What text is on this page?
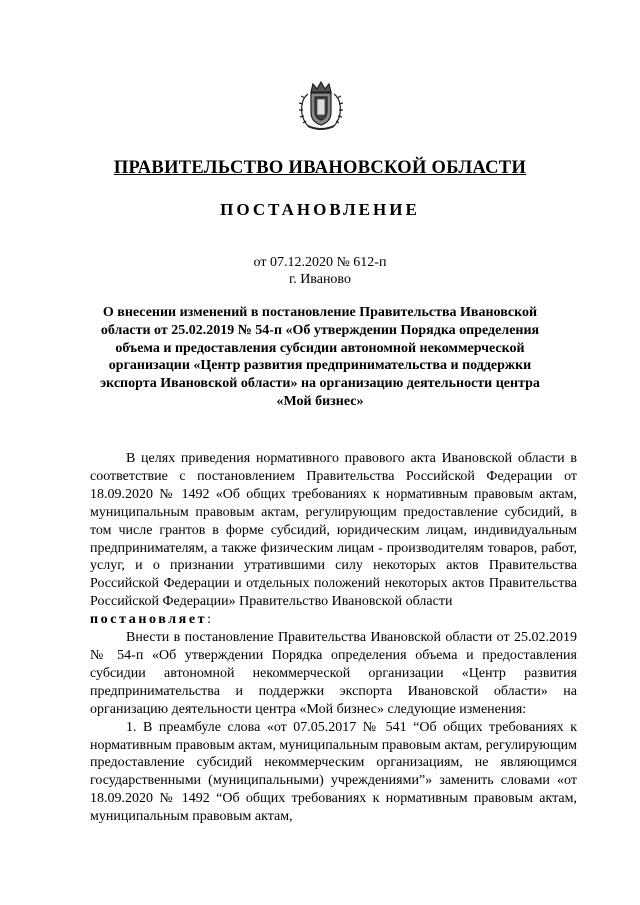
ПРАВИТЕЛЬСТВО ИВАНОВСКОЙ ОБЛАСТИ
ПОСТАНОВЛЕНИЕ
от 07.12.2020 № 612-п
г. Иваново
О внесении изменений в постановление Правительства Ивановской области от 25.02.2019 № 54-п «Об утверждении Порядка определения объема и предоставления субсидии автономной некоммерческой организации «Центр развития предпринимательства и поддержки экспорта Ивановской области» на организацию деятельности центра «Мой бизнес»

В целях приведения нормативного правового акта Ивановской области в соответствие с постановлением Правительства Российской Федерации от 18.09.2020 № 1492 «Об общих требованиях к нормативным правовым актам, муниципальным правовым актам, регулирующим предоставление субсидий, в том числе грантов в форме субсидий, юридическим лицам, индивидуальным предпринимателям, а также физическим лицам - производителям товаров, работ, услуг, и о признании утратившими силу некоторых актов Правительства Российской Федерации и отдельных положений некоторых актов Правительства Российской Федерации» Правительство Ивановской области

постановляет:

Внести в постановление Правительства Ивановской области от 25.02.2019 № 54-п «Об утверждении Порядка определения объема и предоставления субсидии автономной некоммерческой организации «Центр развития предпринимательства и поддержки экспорта Ивановской области» на организацию деятельности центра «Мой бизнес» следующие изменения:

1. В преамбуле слова «от 07.05.2017 № 541 “Об общих требованиях к нормативным правовым актам, муниципальным правовым актам, регулирующим предоставление субсидий некоммерческим организациям, не являющимся государственными (муниципальными) учреждениями”» заменить словами «от 18.09.2020 № 1492 “Об общих требованиях к нормативным правовым актам, муниципальным правовым актам,
